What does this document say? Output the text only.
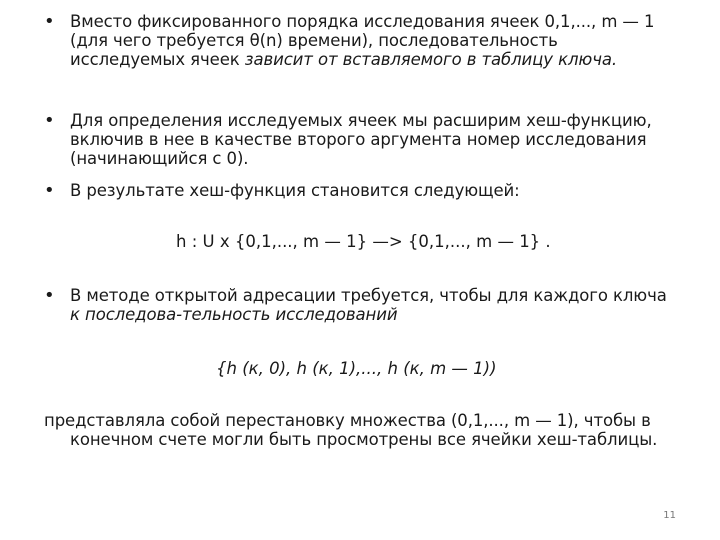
• Вместо фиксированного порядка исследования ячеек 0,1,..., m — 1 (для чего требуется θ(n) времени), последовательность исследуемых ячеек зависит от вставляемого в таблицу ключа.
• Для определения исследуемых ячеек мы расширим хеш-функцию, включив в нее в качестве второго аргумента номер исследования (начинающийся с 0).
• В результате хеш-функция становится следующей:
h : U x {0,1,..., m — 1} —> {0,1,..., m — 1} .
• В методе открытой адресации требуется, чтобы для каждого ключа к последова-тельность исследований
{h (к, 0), h (к, 1),..., h (к, m — 1))
представляла собой перестановку множества (0,1,..., m — 1), чтобы в конечном счете могли быть просмотрены все ячейки хеш-таблицы.
11
